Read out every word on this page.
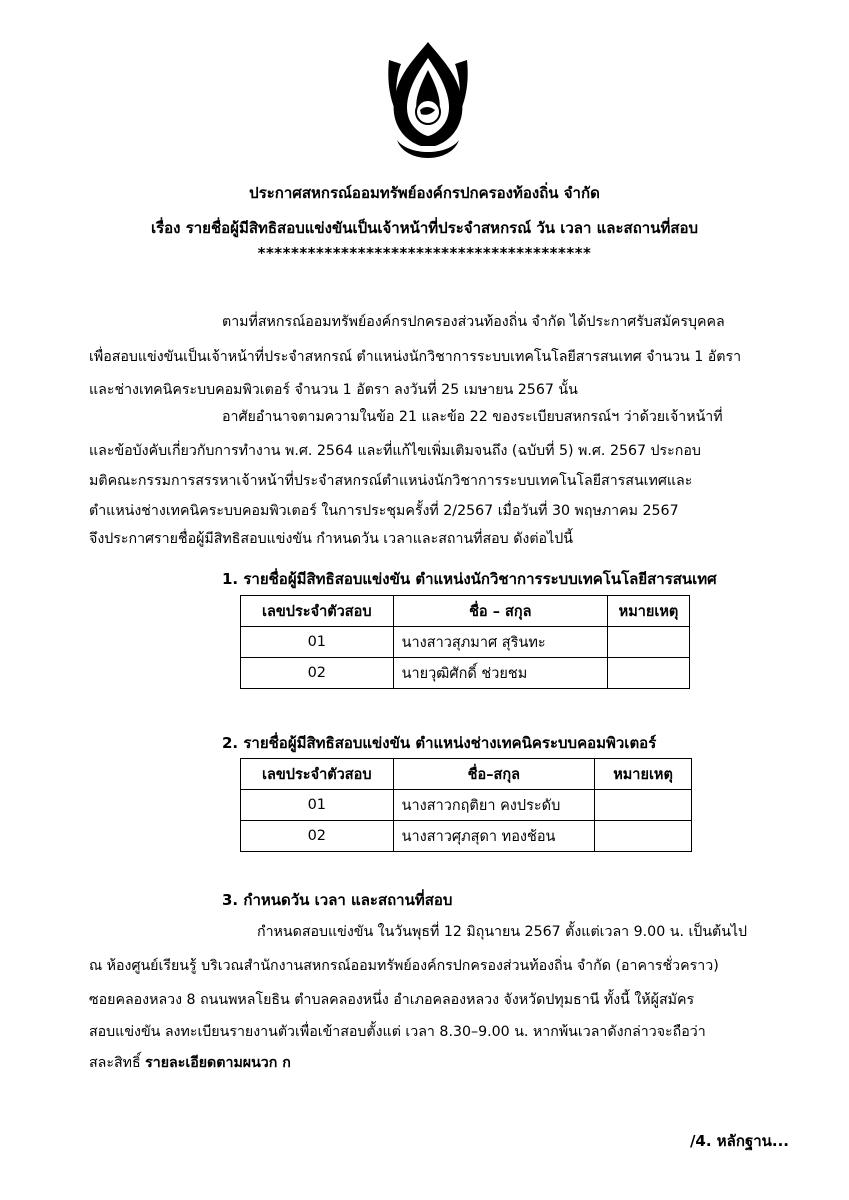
ประกาศสหกรณ์ออมทรัพย์องค์กรปกครองท้องถิ่น จำกัด
เรื่อง รายชื่อผู้มีสิทธิสอบแข่งขันเป็นเจ้าหน้าที่ประจำสหกรณ์ วัน เวลา และสถานที่สอบ
****************************************
ตามที่สหกรณ์ออมทรัพย์องค์กรปกครองส่วนท้องถิ่น จำกัด ได้ประกาศรับสมัครบุคคล
เพื่อสอบแข่งขันเป็นเจ้าหน้าที่ประจำสหกรณ์ ตำแหน่งนักวิชาการระบบเทคโนโลยีสารสนเทศ จำนวน 1 อัตรา
และช่างเทคนิคระบบคอมพิวเตอร์ จำนวน 1 อัตรา ลงวันที่ 25 เมษายน 2567 นั้น
อาศัยอำนาจตามความในข้อ 21 และข้อ 22 ของระเบียบสหกรณ์ฯ ว่าด้วยเจ้าหน้าที่
และข้อบังคับเกี่ยวกับการทำงาน พ.ศ. 2564 และที่แก้ไขเพิ่มเติมจนถึง (ฉบับที่ 5) พ.ศ. 2567 ประกอบ
มติคณะกรรมการสรรหาเจ้าหน้าที่ประจำสหกรณ์ตำแหน่งนักวิชาการระบบเทคโนโลยีสารสนเทศและ
ตำแหน่งช่างเทคนิคระบบคอมพิวเตอร์ ในการประชุมครั้งที่ 2/2567 เมื่อวันที่ 30 พฤษภาคม 2567
จึงประกาศรายชื่อผู้มีสิทธิสอบแข่งขัน กำหนดวัน เวลาและสถานที่สอบ ดังต่อไปนี้
1. รายชื่อผู้มีสิทธิสอบแข่งขัน ตำแหน่งนักวิชาการระบบเทคโนโลยีสารสนเทศ
เลขประจำตัวสอบ	ชื่อ – สกุล	หมายเหตุ
01	นางสาวสุภมาศ สุรินทะ	
02	นายวุฒิศักดิ์ ช่วยชม	
2. รายชื่อผู้มีสิทธิสอบแข่งขัน ตำแหน่งช่างเทคนิคระบบคอมพิวเตอร์
เลขประจำตัวสอบ	ชื่อ–สกุล	หมายเหตุ
01	นางสาวกฤติยา คงประดับ	
02	นางสาวศุภสุดา ทองช้อน	
3. กำหนดวัน เวลา และสถานที่สอบ
กำหนดสอบแข่งขัน ในวันพุธที่ 12 มิถุนายน 2567 ตั้งแต่เวลา 9.00 น. เป็นต้นไป
ณ ห้องศูนย์เรียนรู้ บริเวณสำนักงานสหกรณ์ออมทรัพย์องค์กรปกครองส่วนท้องถิ่น จำกัด (อาคารชั่วคราว)
ซอยคลองหลวง 8 ถนนพหลโยธิน ตำบลคลองหนึ่ง อำเภอคลองหลวง จังหวัดปทุมธานี ทั้งนี้ ให้ผู้สมัคร
สอบแข่งขัน ลงทะเบียนรายงานตัวเพื่อเข้าสอบตั้งแต่ เวลา 8.30–9.00 น. หากพ้นเวลาดังกล่าวจะถือว่า
สละสิทธิ์ รายละเอียดตามผนวก ก
/4. หลักฐาน...
